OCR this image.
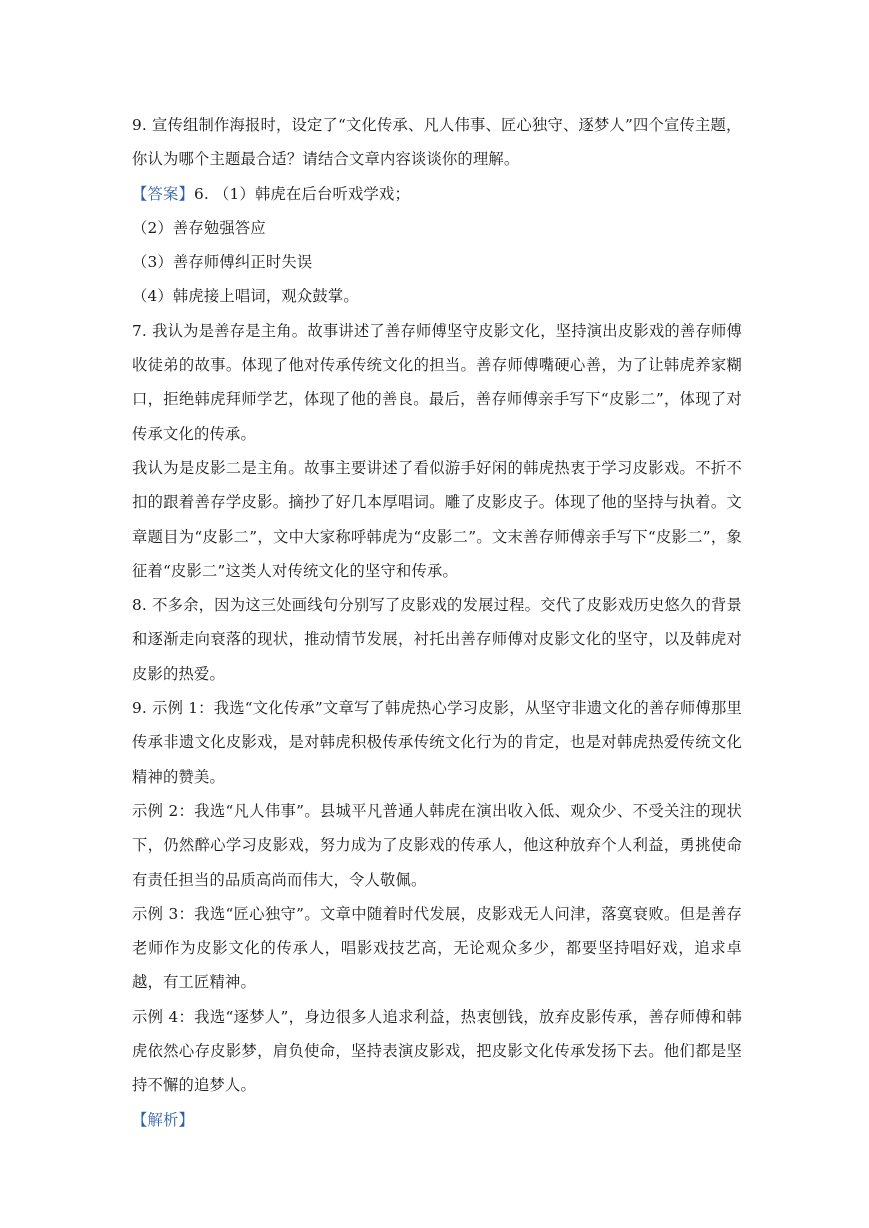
9. 宣传组制作海报时，设定了“文化传承、凡人伟事、匠心独守、逐梦人”四个宣传主题，

你认为哪个主题最合适？请结合文章内容谈谈你的理解。

【答案】6. （1）韩虎在后台听戏学戏；

（2）善存勉强答应

（3）善存师傅纠正时失误

（4）韩虎接上唱词，观众鼓掌。

7. 我认为是善存是主角。故事讲述了善存师傅坚守皮影文化，坚持演出皮影戏的善存师傅收徒弟的故事。体现了他对传承传统文化的担当。善存师傅嘴硬心善，为了让韩虎养家糊口，拒绝韩虎拜师学艺，体现了他的善良。最后，善存师傅亲手写下“皮影二”，体现了对传承文化的传承。

我认为是皮影二是主角。故事主要讲述了看似游手好闲的韩虎热衷于学习皮影戏。不折不扣的跟着善存学皮影。摘抄了好几本厚唱词。雕了皮影皮子。体现了他的坚持与执着。文章题目为“皮影二”，文中大家称呼韩虎为“皮影二”。文末善存师傅亲手写下“皮影二”，象征着“皮影二”这类人对传统文化的坚守和传承。

8. 不多余，因为这三处画线句分别写了皮影戏的发展过程。交代了皮影戏历史悠久的背景和逐渐走向衰落的现状，推动情节发展，衬托出善存师傅对皮影文化的坚守，以及韩虎对皮影的热爱。

9. 示例 1：我选“文化传承”文章写了韩虎热心学习皮影，从坚守非遗文化的善存师傅那里传承非遗文化皮影戏，是对韩虎积极传承传统文化行为的肯定，也是对韩虎热爱传统文化精神的赞美。

示例 2：我选“凡人伟事”。县城平凡普通人韩虎在演出收入低、观众少、不受关注的现状下，仍然醉心学习皮影戏，努力成为了皮影戏的传承人，他这种放弃个人利益，勇挑使命有责任担当的品质高尚而伟大，令人敬佩。

示例 3：我选“匠心独守”。文章中随着时代发展，皮影戏无人问津，落寞衰败。但是善存老师作为皮影文化的传承人，唱影戏技艺高，无论观众多少，都要坚持唱好戏，追求卓越，有工匠精神。

示例 4：我选“逐梦人”，身边很多人追求利益，热衷刨钱，放弃皮影传承，善存师傅和韩虎依然心存皮影梦，肩负使命，坚持表演皮影戏，把皮影文化传承发扬下去。他们都是坚持不懈的追梦人。

【解析】
